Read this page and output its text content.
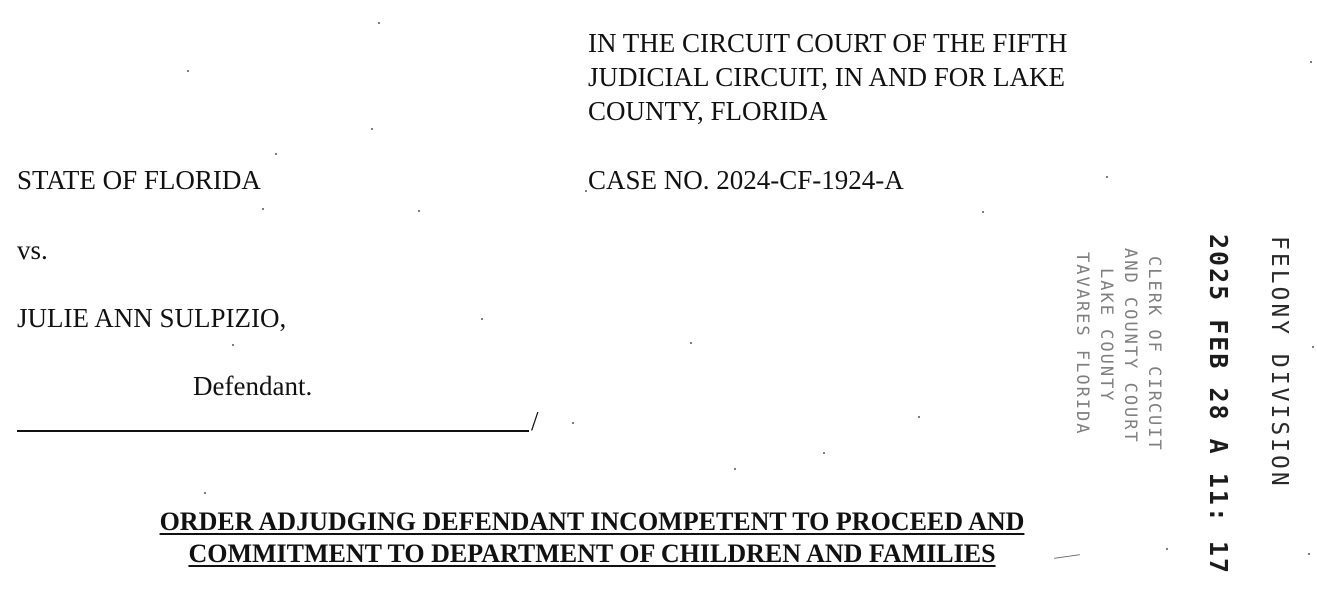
IN THE CIRCUIT COURT OF THE FIFTH
JUDICIAL CIRCUIT, IN AND FOR LAKE
COUNTY, FLORIDA
STATE OF FLORIDA	CASE NO. 2024-CF-1924-A
vs.
JULIE ANN SULPIZIO,
Defendant.
/	FELONY DIVISION
2025 FEB 28 A 11: 17
CLERK OF CIRCUIT
AND COUNTY COURT
LAKE COUNTY
TAVARES FLORIDA
ORDER ADJUDGING DEFENDANT INCOMPETENT TO PROCEED AND
COMMITMENT TO DEPARTMENT OF CHILDREN AND FAMILIES
